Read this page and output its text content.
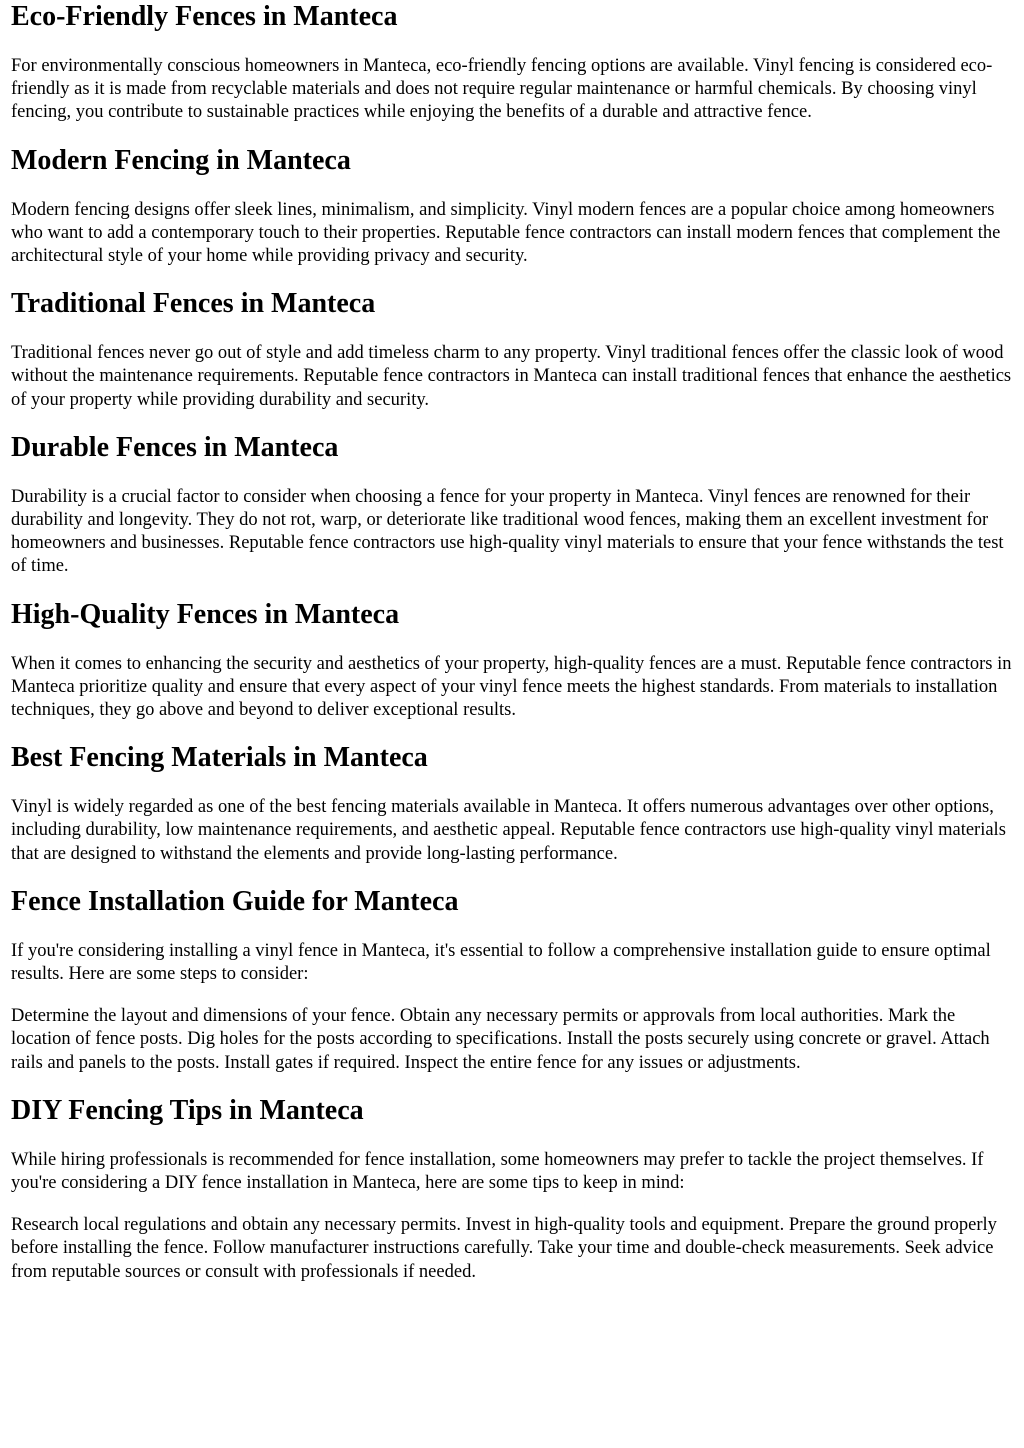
Eco-Friendly Fences in Manteca

For environmentally conscious homeowners in Manteca, eco-friendly fencing options are available. Vinyl fencing is considered eco-friendly as it is made from recyclable materials and does not require regular maintenance or harmful chemicals. By choosing vinyl fencing, you contribute to sustainable practices while enjoying the benefits of a durable and attractive fence.

Modern Fencing in Manteca

Modern fencing designs offer sleek lines, minimalism, and simplicity. Vinyl modern fences are a popular choice among homeowners who want to add a contemporary touch to their properties. Reputable fence contractors can install modern fences that complement the architectural style of your home while providing privacy and security.

Traditional Fences in Manteca

Traditional fences never go out of style and add timeless charm to any property. Vinyl traditional fences offer the classic look of wood without the maintenance requirements. Reputable fence contractors in Manteca can install traditional fences that enhance the aesthetics of your property while providing durability and security.

Durable Fences in Manteca

Durability is a crucial factor to consider when choosing a fence for your property in Manteca. Vinyl fences are renowned for their durability and longevity. They do not rot, warp, or deteriorate like traditional wood fences, making them an excellent investment for homeowners and businesses. Reputable fence contractors use high-quality vinyl materials to ensure that your fence withstands the test of time.

High-Quality Fences in Manteca

When it comes to enhancing the security and aesthetics of your property, high-quality fences are a must. Reputable fence contractors in Manteca prioritize quality and ensure that every aspect of your vinyl fence meets the highest standards. From materials to installation techniques, they go above and beyond to deliver exceptional results.

Best Fencing Materials in Manteca

Vinyl is widely regarded as one of the best fencing materials available in Manteca. It offers numerous advantages over other options, including durability, low maintenance requirements, and aesthetic appeal. Reputable fence contractors use high-quality vinyl materials that are designed to withstand the elements and provide long-lasting performance.

Fence Installation Guide for Manteca

If you're considering installing a vinyl fence in Manteca, it's essential to follow a comprehensive installation guide to ensure optimal results. Here are some steps to consider:

Determine the layout and dimensions of your fence. Obtain any necessary permits or approvals from local authorities. Mark the location of fence posts. Dig holes for the posts according to specifications. Install the posts securely using concrete or gravel. Attach rails and panels to the posts. Install gates if required. Inspect the entire fence for any issues or adjustments.

DIY Fencing Tips in Manteca

While hiring professionals is recommended for fence installation, some homeowners may prefer to tackle the project themselves. If you're considering a DIY fence installation in Manteca, here are some tips to keep in mind:

Research local regulations and obtain any necessary permits. Invest in high-quality tools and equipment. Prepare the ground properly before installing the fence. Follow manufacturer instructions carefully. Take your time and double-check measurements. Seek advice from reputable sources or consult with professionals if needed.
